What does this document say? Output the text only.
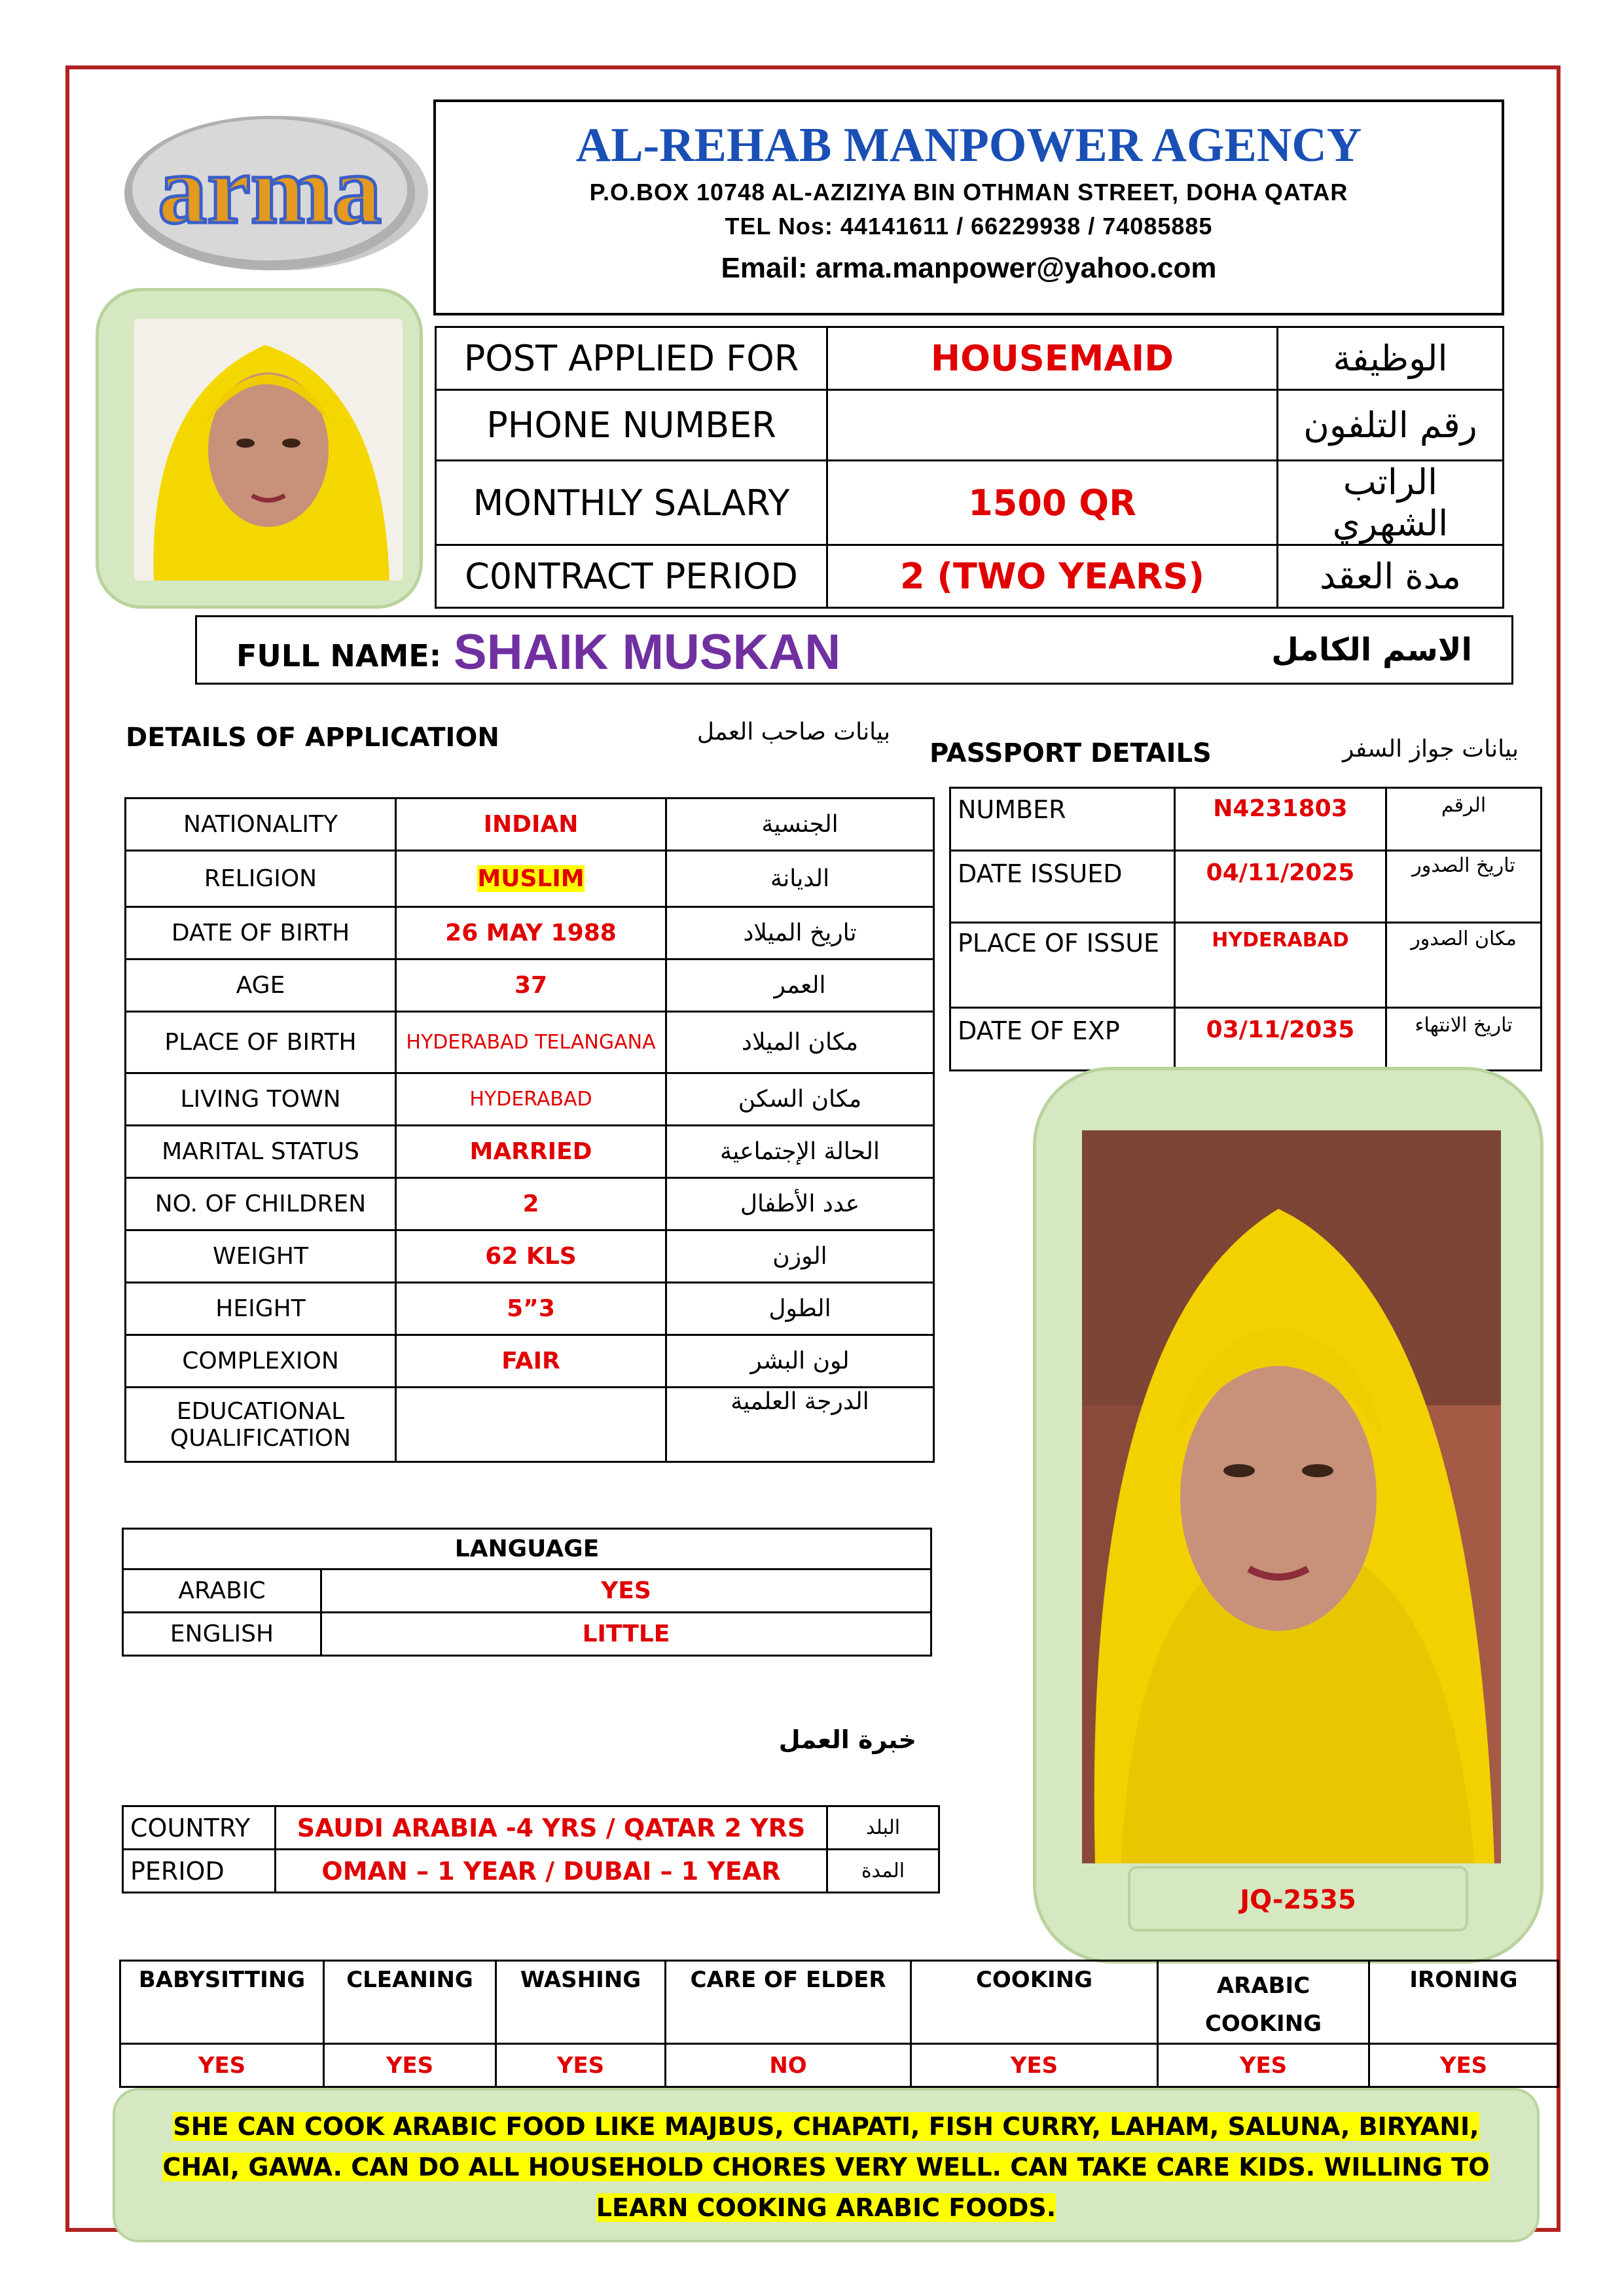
arma	AL-REHAB MANPOWER AGENCY
P.O.BOX 10748 AL-AZIZIYA BIN OTHMAN STREET, DOHA QATAR
TEL Nos: 44141611 / 66229938 / 74085885
Email: arma.manpower@yahoo.com
POST APPLIED FOR	HOUSEMAID	الوظيفة
PHONE NUMBER		رقم التلفون
MONTHLY SALARY	1500 QR	الراتب الشهري
C0NTRACT PERIOD	2 (TWO YEARS)	مدة العقد
FULL NAME: SHAIK MUSKAN	الاسم الكامل
DETAILS OF APPLICATION	بيانات صاحب العمل
PASSPORT DETAILS	بيانات جواز السفر
NATIONALITY	INDIAN	الجنسية
RELIGION	MUSLIM	الديانة
DATE OF BIRTH	26 MAY 1988	تاريخ الميلاد
AGE	37	العمر
PLACE OF BIRTH	HYDERABAD TELANGANA	مكان الميلاد
LIVING TOWN	HYDERABAD	مكان السكن
MARITAL STATUS	MARRIED	الحالة الإجتماعية
NO. OF CHILDREN	2	عدد الأطفال
WEIGHT	62 KLS	الوزن
HEIGHT	5”3	الطول
COMPLEXION	FAIR	لون البشر
EDUCATIONAL QUALIFICATION		الدرجة العلمية
NUMBER	N4231803	الرقم
DATE ISSUED	04/11/2025	تاريخ الصدور
PLACE OF ISSUE	HYDERABAD	مكان الصدور
DATE OF EXP	03/11/2035	تاريخ الانتهاء
JQ-2535
LANGUAGE	
ARABIC	YES
ENGLISH	LITTLE
خبرة العمل
COUNTRY	SAUDI ARABIA -4 YRS / QATAR 2 YRS	البلد
PERIOD	OMAN – 1 YEAR / DUBAI – 1 YEAR	المدة
BABYSITTING	CLEANING	WASHING	CARE OF ELDER	COOKING	ARABIC COOKING	IRONING
YES	YES	YES	NO	YES	YES	YES
SHE CAN COOK ARABIC FOOD LIKE MAJBUS, CHAPATI, FISH CURRY, LAHAM, SALUNA, BIRYANI, CHAI, GAWA. CAN DO ALL HOUSEHOLD CHORES VERY WELL. CAN TAKE CARE KIDS. WILLING TO LEARN COOKING ARABIC FOODS.
